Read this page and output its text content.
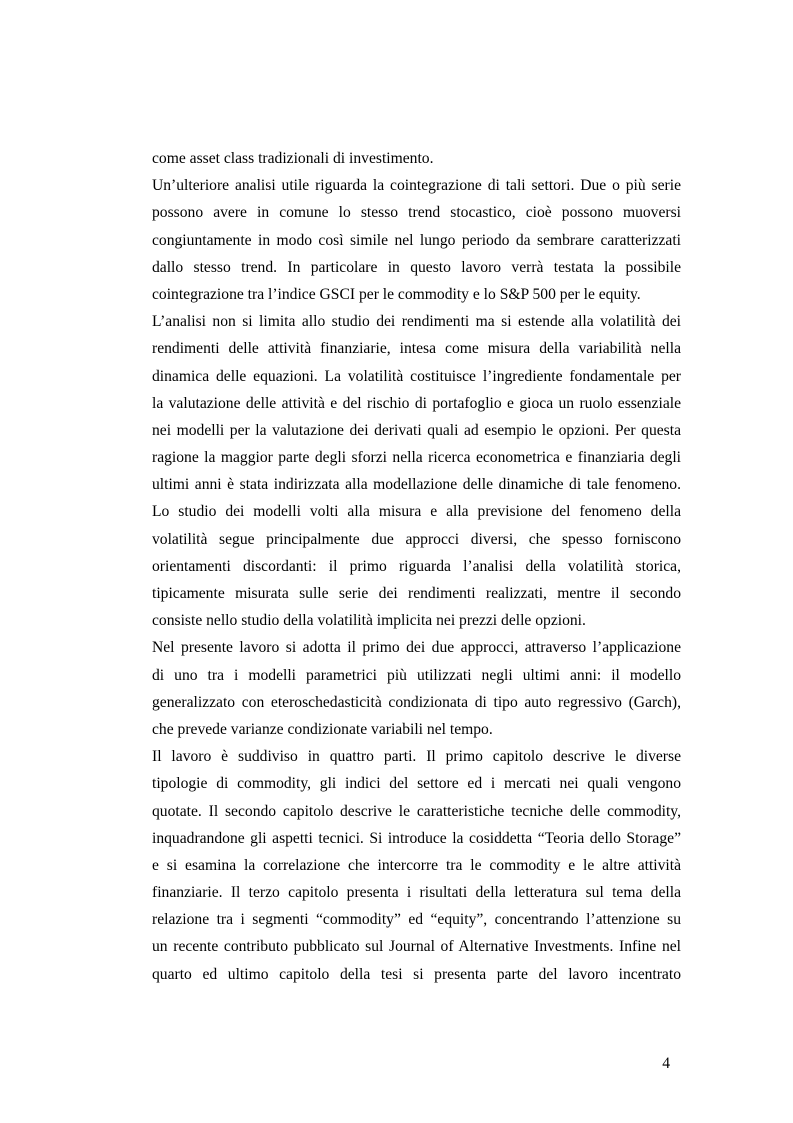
come asset class tradizionali di investimento.

Un’ulteriore analisi utile riguarda la cointegrazione di tali settori. Due o più serie
possono avere in comune lo stesso trend stocastico, cioè possono muoversi
congiuntamente in modo così simile nel lungo periodo da sembrare caratterizzati
dallo stesso trend. In particolare in questo lavoro verrà testata la possibile
cointegrazione tra l’indice GSCI per le commodity e lo S&P 500 per le equity.

L’analisi non si limita allo studio dei rendimenti ma si estende alla volatilità dei
rendimenti delle attività finanziarie, intesa come misura della variabilità nella
dinamica delle equazioni. La volatilità costituisce l’ingrediente fondamentale per
la valutazione delle attività e del rischio di portafoglio e gioca un ruolo essenziale
nei modelli per la valutazione dei derivati quali ad esempio le opzioni. Per questa
ragione la maggior parte degli sforzi nella ricerca econometrica e finanziaria degli
ultimi anni è stata indirizzata alla modellazione delle dinamiche di tale fenomeno.
Lo studio dei modelli volti alla misura e alla previsione del fenomeno della
volatilità segue principalmente due approcci diversi, che spesso forniscono
orientamenti discordanti: il primo riguarda l’analisi della volatilità storica,
tipicamente misurata sulle serie dei rendimenti realizzati, mentre il secondo
consiste nello studio della volatilità implicita nei prezzi delle opzioni.

Nel presente lavoro si adotta il primo dei due approcci, attraverso l’applicazione
di uno tra i modelli parametrici più utilizzati negli ultimi anni: il modello
generalizzato con eteroschedasticità condizionata di tipo auto regressivo (Garch),
che prevede varianze condizionate variabili nel tempo.

Il lavoro è suddiviso in quattro parti. Il primo capitolo descrive le diverse
tipologie di commodity, gli indici del settore ed i mercati nei quali vengono
quotate. Il secondo capitolo descrive le caratteristiche tecniche delle commodity,
inquadrandone gli aspetti tecnici. Si introduce la cosiddetta “Teoria dello Storage”
e si esamina la correlazione che intercorre tra le commodity e le altre attività
finanziarie. Il terzo capitolo presenta i risultati della letteratura sul tema della
relazione tra i segmenti “commodity” ed “equity”, concentrando l’attenzione su
un recente contributo pubblicato sul Journal of Alternative Investments. Infine nel
quarto ed ultimo capitolo della tesi si presenta parte del lavoro incentrato

4
